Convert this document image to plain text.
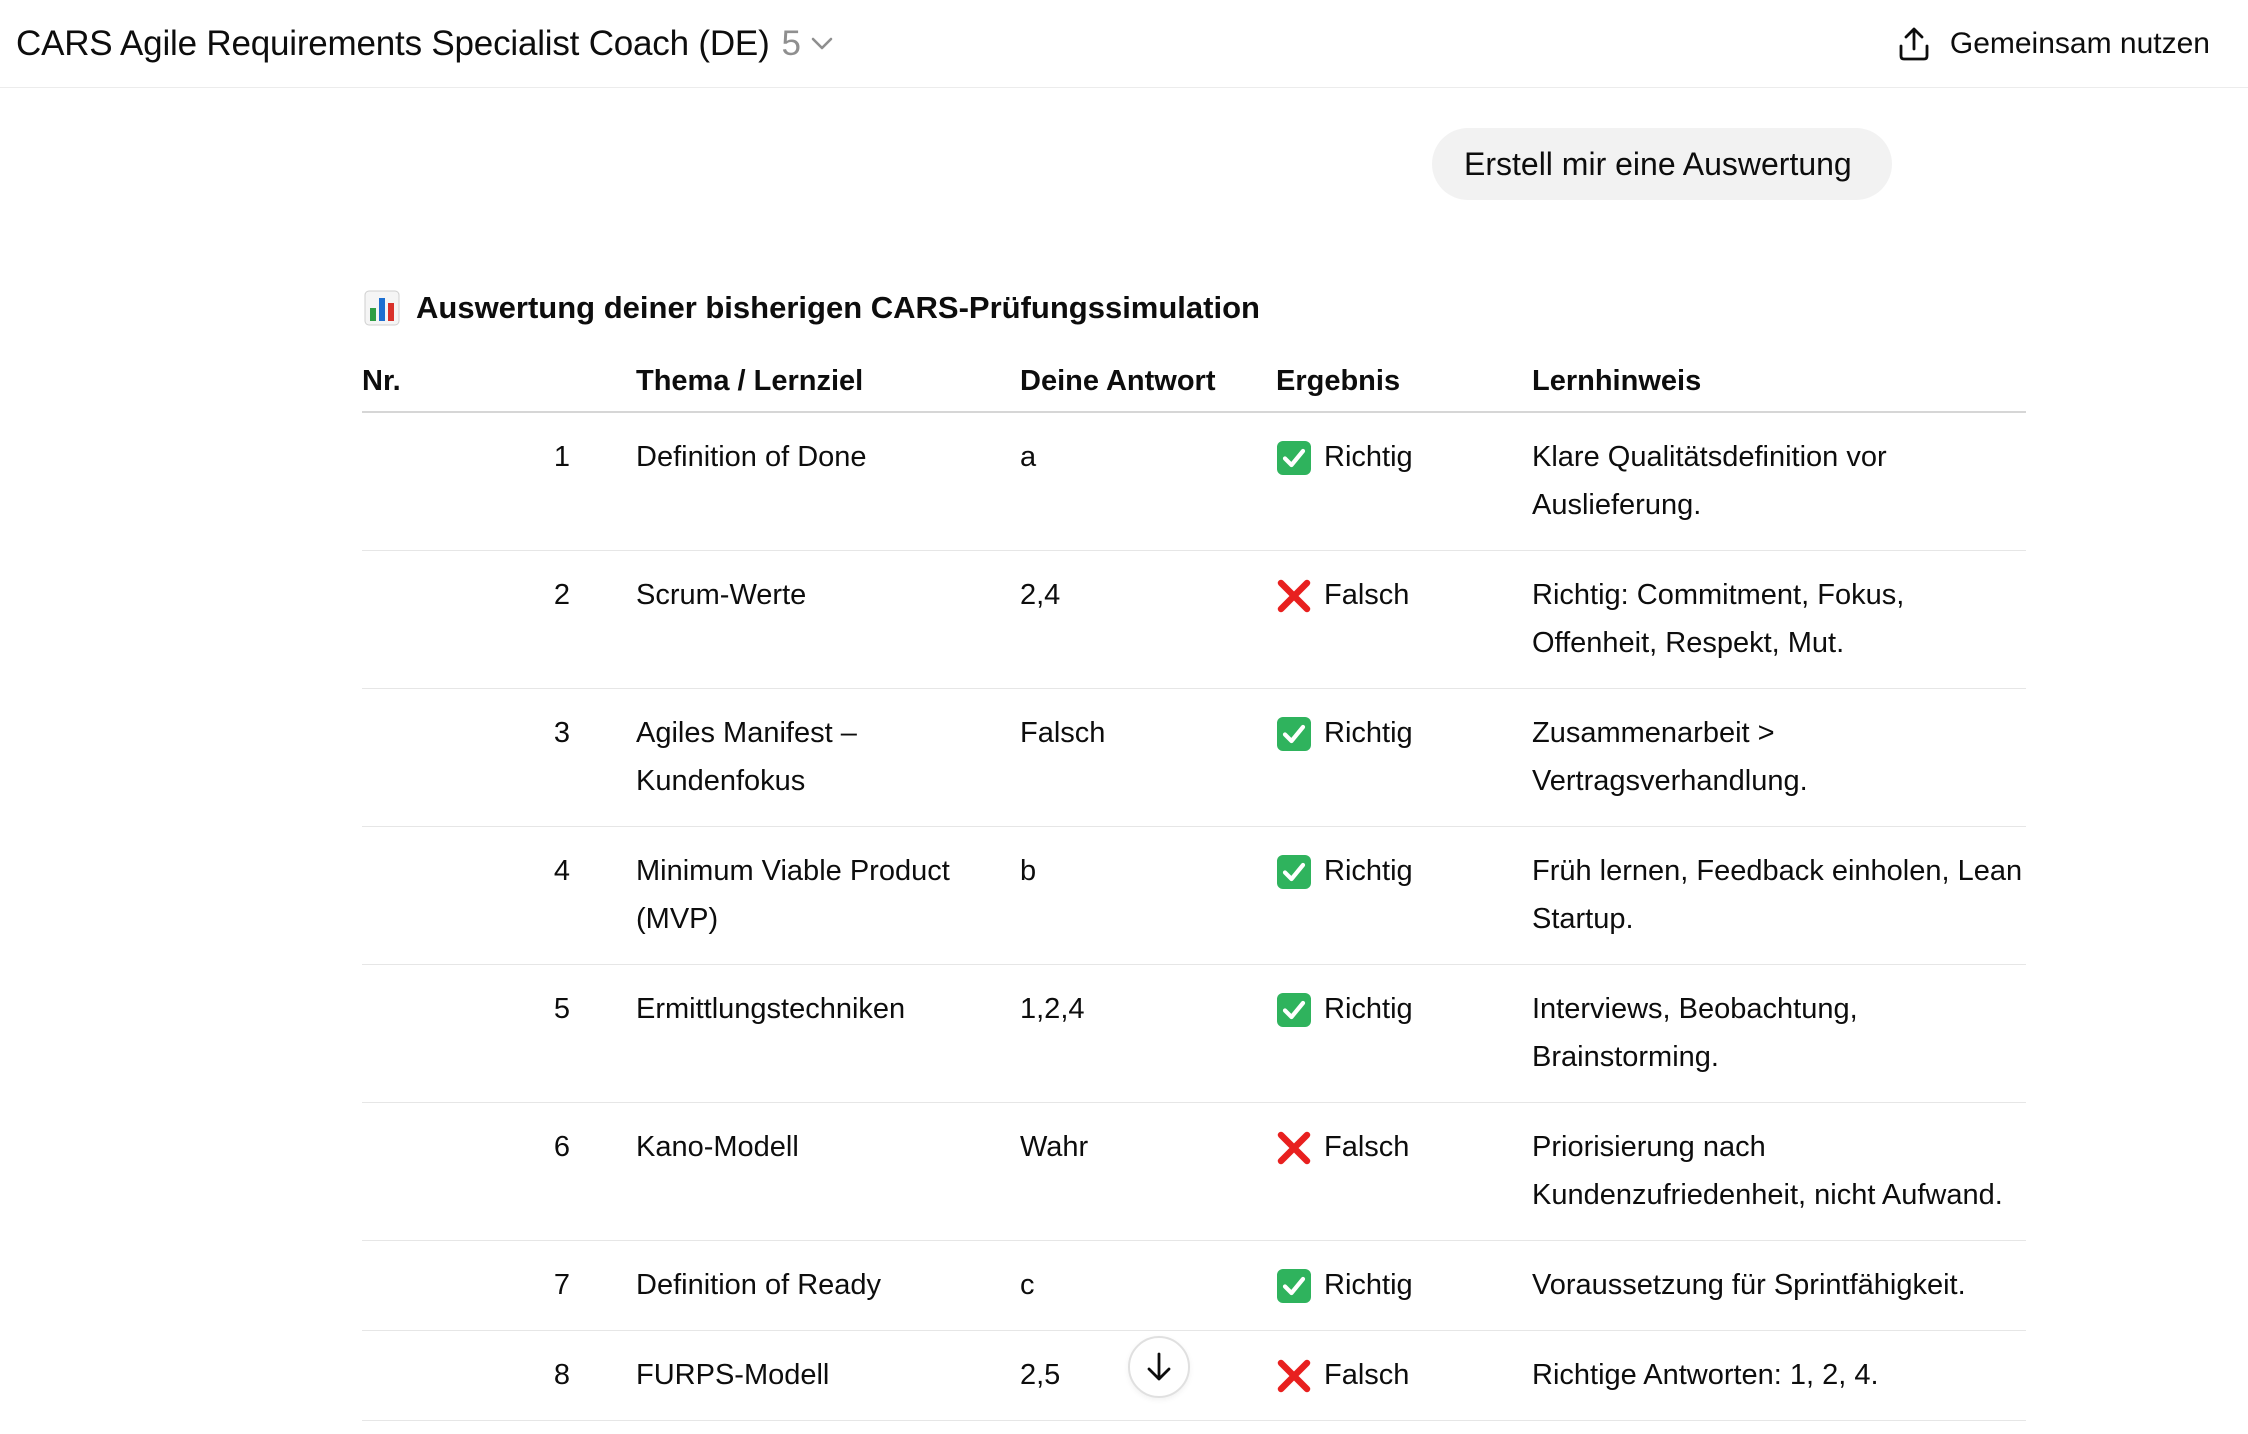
CARS Agile Requirements Specialist Coach (DE) 5	Gemeinsam nutzen
Erstell mir eine Auswertung
Auswertung deiner bisherigen CARS-Prüfungssimulation
Nr.		Thema / Lernziel	Deine Antwort	Ergebnis	Lernhinweis
1		Definition of Done	a	Richtig	Klare Qualitätsdefinition vor Auslieferung.
2		Scrum-Werte	2,4	Falsch	Richtig: Commitment, Fokus, Offenheit, Respekt, Mut.
3		Agiles Manifest – Kundenfokus	Falsch	Richtig	Zusammenarbeit > Vertragsverhandlung.
4		Minimum Viable Product (MVP)	b	Richtig	Früh lernen, Feedback einholen, Lean Startup.
5		Ermittlungstechniken	1,2,4	Richtig	Interviews, Beobachtung, Brainstorming.
6		Kano-Modell	Wahr	Falsch	Priorisierung nach Kundenzufriedenheit, nicht Aufwand.
7		Definition of Ready	c	Richtig	Voraussetzung für Sprintfähigkeit.
8		FURPS-Modell	2,5	Falsch	Richtige Antworten: 1, 2, 4.
